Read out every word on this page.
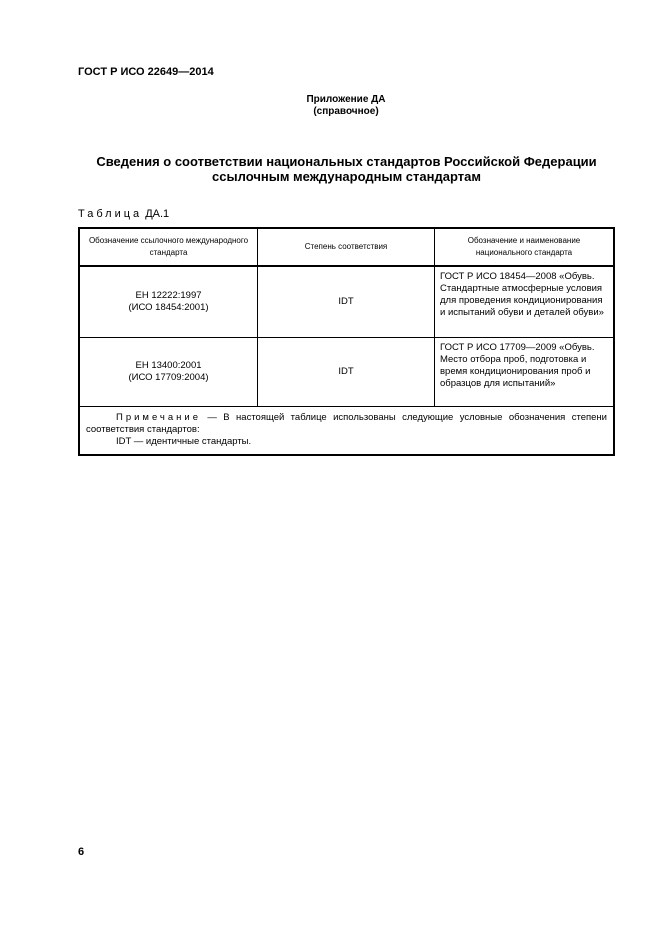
ГОСТ Р ИСО 22649—2014
Приложение ДА
(справочное)
Сведения о соответствии национальных стандартов Российской Федерации
ссылочным международным стандартам
Таблица ДА.1
Обозначение ссылочного международного стандарта	Степень соответствия	Обозначение и наименование национального стандарта

ЕН 12222:1997
(ИСО 18454:2001)	IDT	ГОСТ Р ИСО 18454—2008 «Обувь. Стандартные атмосферные условия для проведения кондиционирования и испытаний обуви и деталей обуви»

ЕН 13400:2001
(ИСО 17709:2004)	IDT	ГОСТ Р ИСО 17709—2009 «Обувь. Место отбора проб, подготовка и время кондиционирования проб и образцов для испытаний»

Примечание — В настоящей таблице использованы следующие условные обозначения степени соответствия стандартов:
IDT — идентичные стандарты.		
6
